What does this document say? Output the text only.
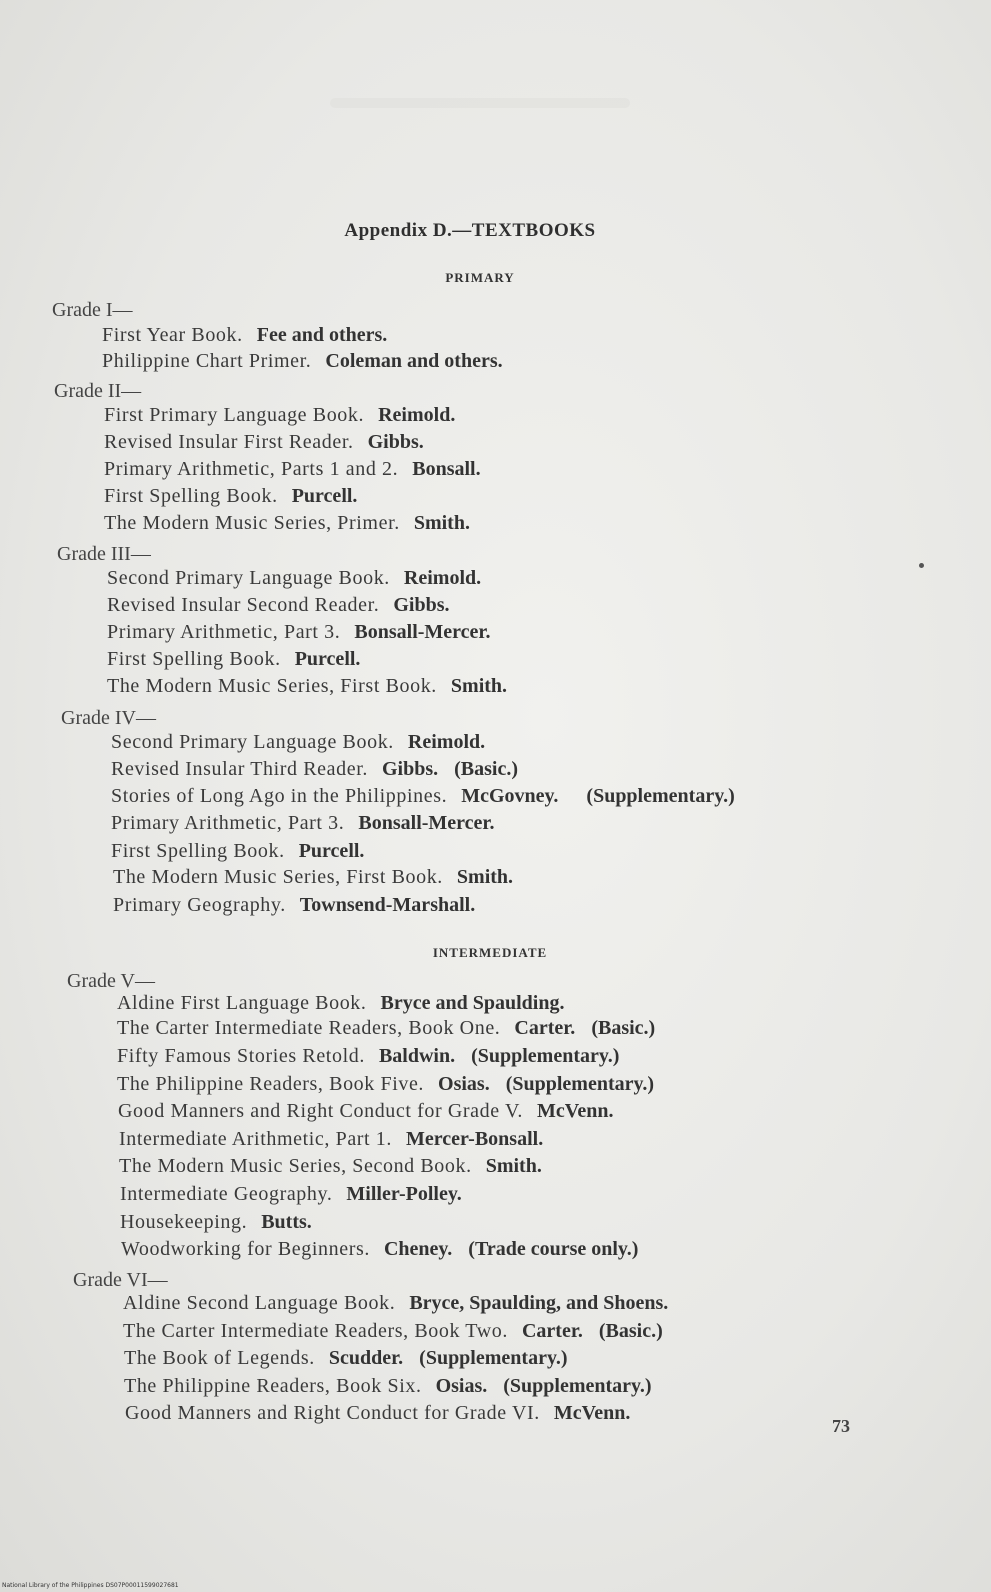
Appendix D.—TEXTBOOKS
PRIMARY
Grade I—
First Year Book. Fee and others.
Philippine Chart Primer. Coleman and others.
Grade II—
First Primary Language Book. Reimold.
Revised Insular First Reader. Gibbs.
Primary Arithmetic, Parts 1 and 2. Bonsall.
First Spelling Book. Purcell.
The Modern Music Series, Primer. Smith.
Grade III—
Second Primary Language Book. Reimold.
Revised Insular Second Reader. Gibbs.
Primary Arithmetic, Part 3. Bonsall-Mercer.
First Spelling Book. Purcell.
The Modern Music Series, First Book. Smith.
Grade IV—
Second Primary Language Book. Reimold.
Revised Insular Third Reader. Gibbs. (Basic.)
Stories of Long Ago in the Philippines. McGovney. (Supplementary.)
Primary Arithmetic, Part 3. Bonsall-Mercer.
First Spelling Book. Purcell.
The Modern Music Series, First Book. Smith.
Primary Geography. Townsend-Marshall.
INTERMEDIATE
Grade V—
Aldine First Language Book. Bryce and Spaulding.
The Carter Intermediate Readers, Book One. Carter. (Basic.)
Fifty Famous Stories Retold. Baldwin. (Supplementary.)
The Philippine Readers, Book Five. Osias. (Supplementary.)
Good Manners and Right Conduct for Grade V. McVenn.
Intermediate Arithmetic, Part 1. Mercer-Bonsall.
The Modern Music Series, Second Book. Smith.
Intermediate Geography. Miller-Polley.
Housekeeping. Butts.
Woodworking for Beginners. Cheney. (Trade course only.)
Grade VI—
Aldine Second Language Book. Bryce, Spaulding, and Shoens.
The Carter Intermediate Readers, Book Two. Carter. (Basic.)
The Book of Legends. Scudder. (Supplementary.)
The Philippine Readers, Book Six. Osias. (Supplementary.)
Good Manners and Right Conduct for Grade VI. McVenn.
73
National Library of the Philippines DS07P00011599027681
